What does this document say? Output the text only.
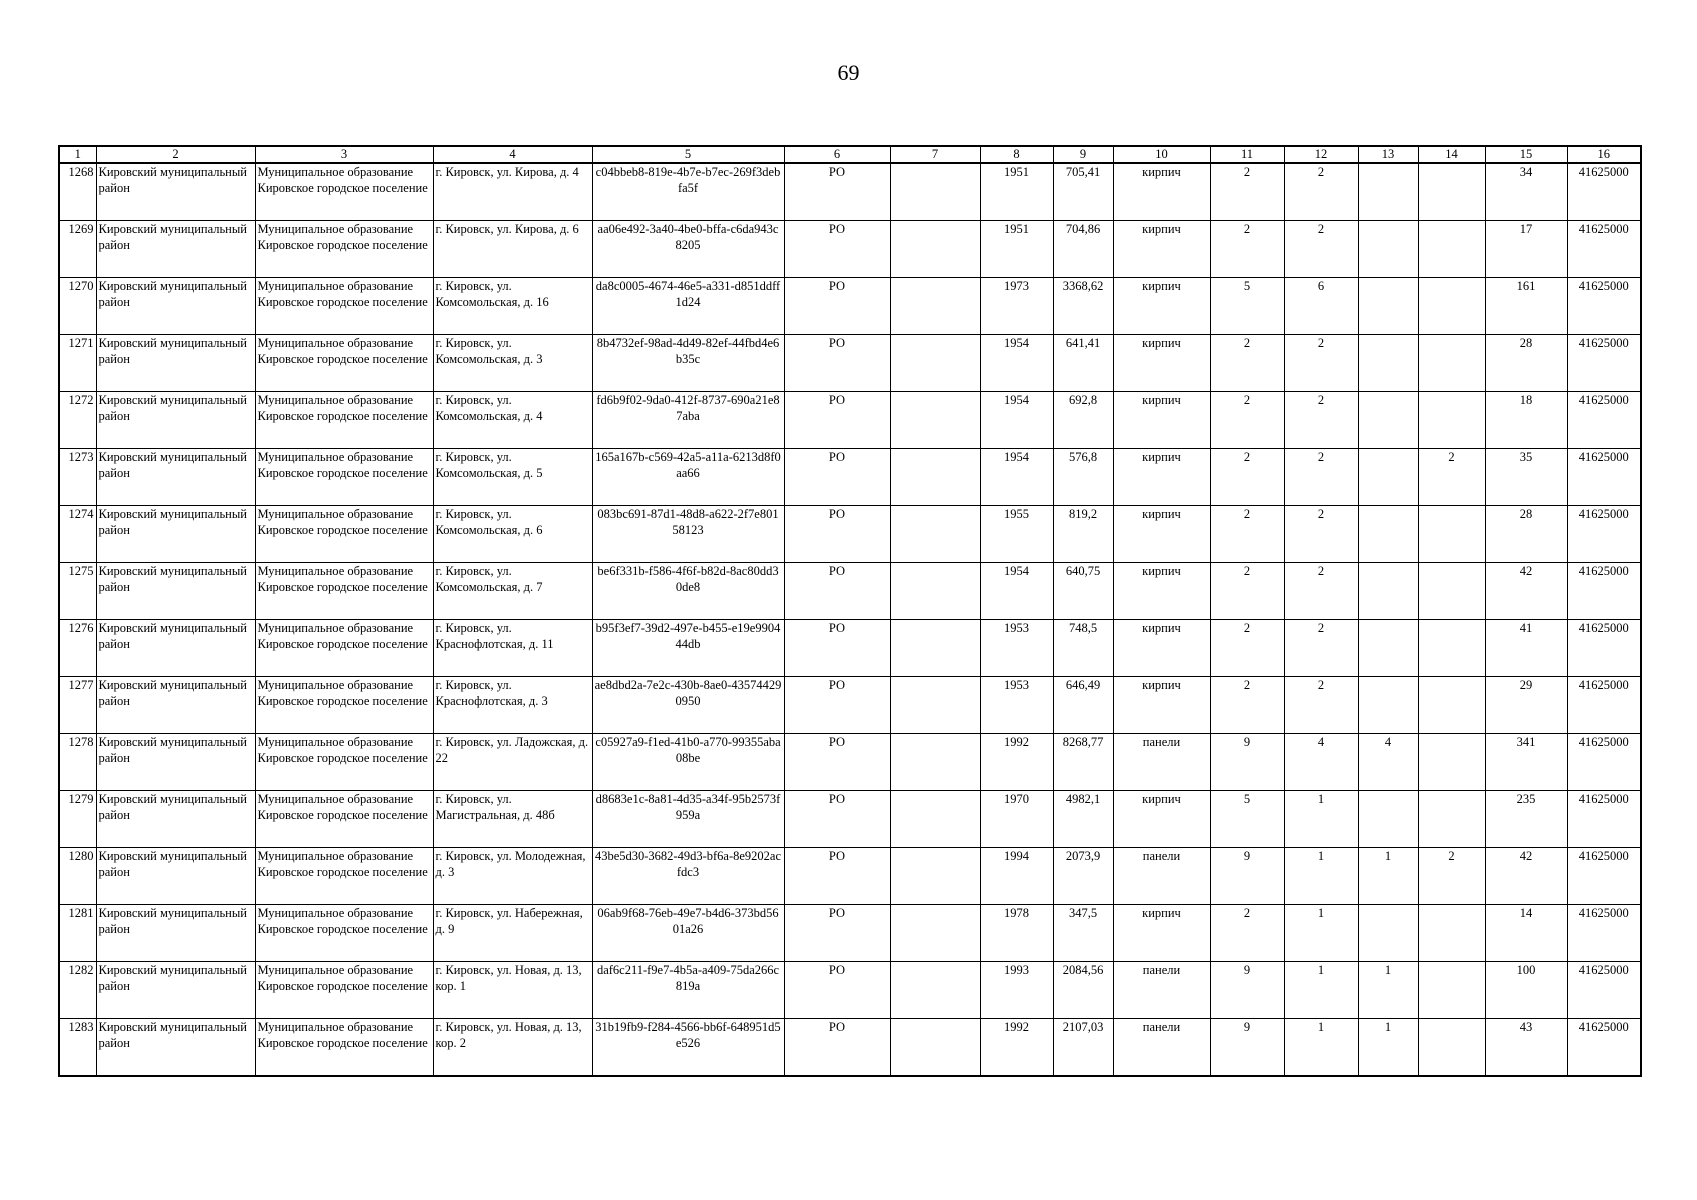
69
1	2	3	4	5	6	7	8	9	10	11	12	13	14	15	16
1268	Кировский муниципальный район	Муниципальное образование Кировское городское поселение	г. Кировск, ул. Кирова, д. 4	c04bbeb8-819e-4b7e-b7ec-269f3debfa5f	РО		1951	705,41	кирпич	2	2			34	41625000
1269	Кировский муниципальный район	Муниципальное образование Кировское городское поселение	г. Кировск, ул. Кирова, д. 6	aa06e492-3a40-4be0-bffa-c6da943c8205	РО		1951	704,86	кирпич	2	2			17	41625000
1270	Кировский муниципальный район	Муниципальное образование Кировское городское поселение	г. Кировск, ул. Комсомольская, д. 16	da8c0005-4674-46e5-a331-d851ddff1d24	РО		1973	3368,62	кирпич	5	6			161	41625000
1271	Кировский муниципальный район	Муниципальное образование Кировское городское поселение	г. Кировск, ул. Комсомольская, д. 3	8b4732ef-98ad-4d49-82ef-44fbd4e6b35c	РО		1954	641,41	кирпич	2	2			28	41625000
1272	Кировский муниципальный район	Муниципальное образование Кировское городское поселение	г. Кировск, ул. Комсомольская, д. 4	fd6b9f02-9da0-412f-8737-690a21e87aba	РО		1954	692,8	кирпич	2	2			18	41625000
1273	Кировский муниципальный район	Муниципальное образование Кировское городское поселение	г. Кировск, ул. Комсомольская, д. 5	165a167b-c569-42a5-a11a-6213d8f0aa66	РО		1954	576,8	кирпич	2	2		2	35	41625000
1274	Кировский муниципальный район	Муниципальное образование Кировское городское поселение	г. Кировск, ул. Комсомольская, д. 6	083bc691-87d1-48d8-a622-2f7e80158123	РО		1955	819,2	кирпич	2	2			28	41625000
1275	Кировский муниципальный район	Муниципальное образование Кировское городское поселение	г. Кировск, ул. Комсомольская, д. 7	be6f331b-f586-4f6f-b82d-8ac80dd30de8	РО		1954	640,75	кирпич	2	2			42	41625000
1276	Кировский муниципальный район	Муниципальное образование Кировское городское поселение	г. Кировск, ул. Краснофлотская, д. 11	b95f3ef7-39d2-497e-b455-e19e990444db	РО		1953	748,5	кирпич	2	2			41	41625000
1277	Кировский муниципальный район	Муниципальное образование Кировское городское поселение	г. Кировск, ул. Краснофлотская, д. 3	ae8dbd2a-7e2c-430b-8ae0-435744290950	РО		1953	646,49	кирпич	2	2			29	41625000
1278	Кировский муниципальный район	Муниципальное образование Кировское городское поселение	г. Кировск, ул. Ладожская, д. 22	c05927a9-f1ed-41b0-a770-99355aba08be	РО		1992	8268,77	панели	9	4	4		341	41625000
1279	Кировский муниципальный район	Муниципальное образование Кировское городское поселение	г. Кировск, ул. Магистральная, д. 48б	d8683e1c-8a81-4d35-a34f-95b2573f959a	РО		1970	4982,1	кирпич	5	1			235	41625000
1280	Кировский муниципальный район	Муниципальное образование Кировское городское поселение	г. Кировск, ул. Молодежная, д. 3	43be5d30-3682-49d3-bf6a-8e9202acfdc3	РО		1994	2073,9	панели	9	1	1	2	42	41625000
1281	Кировский муниципальный район	Муниципальное образование Кировское городское поселение	г. Кировск, ул. Набережная, д. 9	06ab9f68-76eb-49e7-b4d6-373bd5601a26	РО		1978	347,5	кирпич	2	1			14	41625000
1282	Кировский муниципальный район	Муниципальное образование Кировское городское поселение	г. Кировск, ул. Новая, д. 13, кор. 1	daf6c211-f9e7-4b5a-a409-75da266c819a	РО		1993	2084,56	панели	9	1	1		100	41625000
1283	Кировский муниципальный район	Муниципальное образование Кировское городское поселение	г. Кировск, ул. Новая, д. 13, кор. 2	31b19fb9-f284-4566-bb6f-648951d5e526	РО		1992	2107,03	панели	9	1	1		43	41625000
